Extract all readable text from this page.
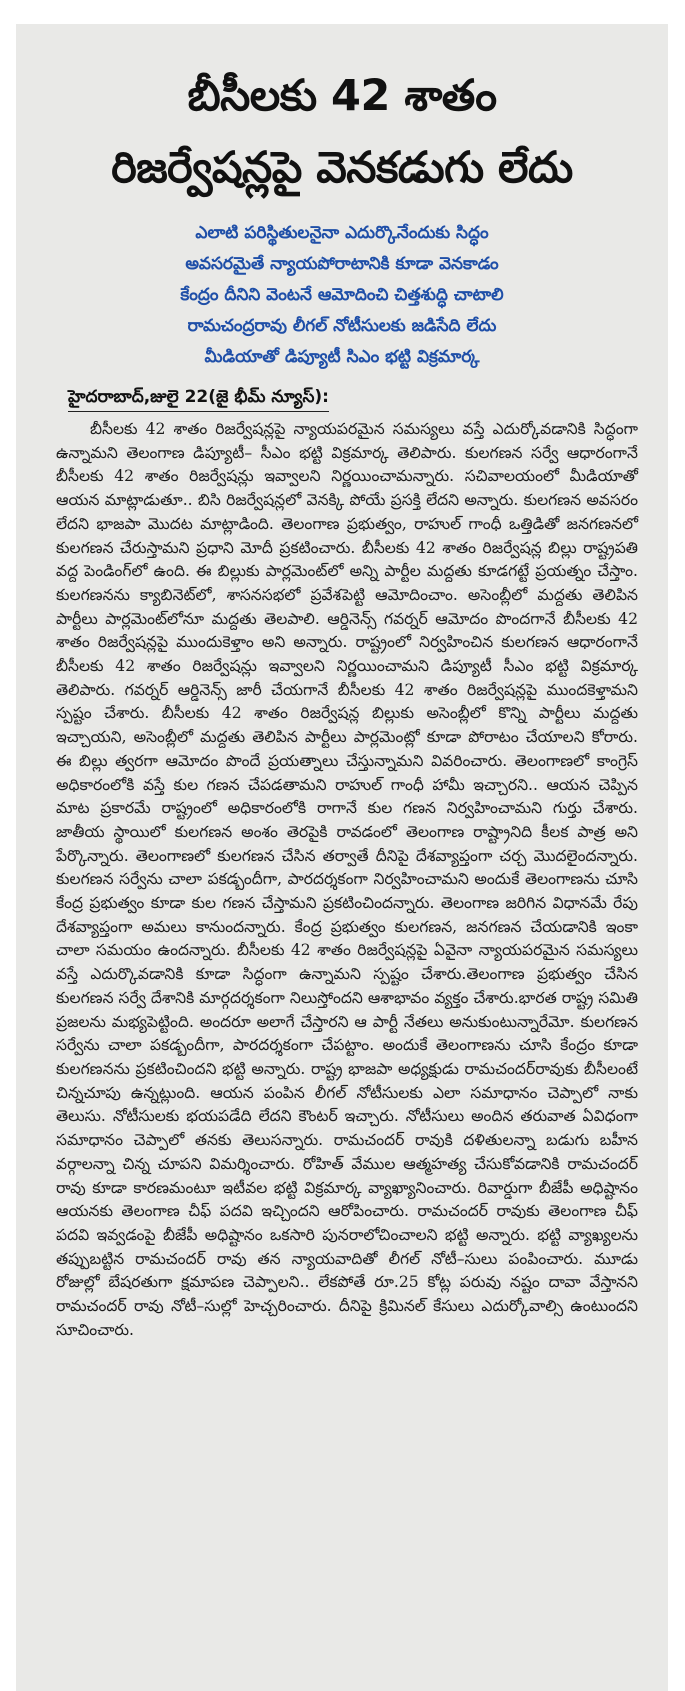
బీసీలకు 42 శాతం
రిజర్వేషన్లపై వెనకడుగు లేదు
ఎలాటి పరిస్థితులనైనా ఎదుర్కొనేందుకు సిద్ధం
అవసరమైతే న్యాయపోరాటానికి కూడా వెనకాడం
కేంద్రం దీనిని వెంటనే ఆమోదించి చిత్తశుద్ధి చాటాలి
రామచంద్రరావు లీగల్ నోటీసులకు జడిసేది లేదు
మీడియాతో డిప్యూటీ సిఎం భట్టి విక్రమార్క
హైదరాబాద్,జులై 22(జై భీమ్ న్యూస్):

బీసీలకు 42 శాతం రిజర్వేషన్లపై న్యాయపరమైన సమస్యలు వస్తే ఎదుర్కోవడానికి సిద్ధంగా ఉన్నామని తెలంగాణ డిప్యూటీ– సీఎం భట్టి విక్రమార్క తెలిపారు. కులగణన సర్వే ఆధారంగానే బీసీలకు 42 శాతం రిజర్వేషన్లు ఇవ్వాలని నిర్ణయించామన్నారు. సచివాలయంలో మీడియాతో ఆయన మాట్లాడుతూ.. బిసి రిజర్వేషన్లలో వెనక్కి పోయే ప్రసక్తి లేదని అన్నారు. కులగణన అవసరం లేదని భాజపా మొదట మాట్లాడింది. తెలంగాణ ప్రభుత్వం, రాహుల్ గాంధీ ఒత్తిడితో జనగణనలో కులగణన చేరుస్తామని ప్రధాని మోదీ ప్రకటించారు. బీసీలకు 42 శాతం రిజర్వేషన్ల బిల్లు రాష్ట్రపతి వద్ద పెండింగ్‌లో ఉంది. ఈ బిల్లుకు పార్లమెంట్‌లో అన్ని పార్టీల మద్దతు కూడగట్టే ప్రయత్నం చేస్తాం. కులగణనను క్యాబినెట్‌లో, శాసనసభలో ప్రవేశపెట్టి ఆమోదించాం. అసెంబ్లీలో మద్దతు తెలిపిన పార్టీలు పార్లమెంట్‌లోనూ మద్దతు తెలపాలి. ఆర్డినెన్స్ గవర్నర్ ఆమోదం పొందగానే బీసీలకు 42 శాతం రిజర్వేషన్లపై ముందుకెళ్తాం అని అన్నారు. రాష్ట్రంలో నిర్వహించిన కులగణన ఆధారంగానే బీసీలకు 42 శాతం రిజర్వేషన్లు ఇవ్వాలని నిర్ణయించామని డిప్యూటీ సీఎం భట్టి విక్రమార్క తెలిపారు. గవర్నర్ ఆర్డినెన్స్ జారీ చేయగానే బీసీలకు 42 శాతం రిజర్వేషన్లపై ముందకెళ్తామని స్పష్టం చేశారు. బీసీలకు 42 శాతం రిజర్వేషన్ల బిల్లుకు అసెంబ్లీలో కొన్ని పార్టీలు మద్దతు ఇచ్చాయని, అసెంబ్లీలో మద్దతు తెలిపిన పార్టీలు పార్లమెంట్లో కూడా పోరాటం చేయాలని కోరారు. ఈ బిల్లు త్వరగా ఆమోదం పొందే ప్రయత్నాలు చేస్తున్నామని వివరించారు. తెలంగాణలో కాంగ్రెస్ అధికారంలోకి వస్తే కుల గణన చేపడతామని రాహుల్ గాంధీ హామీ ఇచ్చారని.. ఆయన చెప్పిన మాట ప్రకారమే రాష్ట్రంలో అధికారంలోకి రాగానే కుల గణన నిర్వహించామని గుర్తు చేశారు. జాతీయ స్థాయిలో కులగణన అంశం తెరపైకి రావడంలో తెలంగాణ రాష్ట్రానిది కీలక పాత్ర అని పేర్కొన్నారు. తెలంగాణలో కులగణన చేసిన తర్వాతే దీనిపై దేశవ్యాప్తంగా చర్చ మొదలైందన్నారు. కులగణన సర్వేను చాలా పకడ్బందీగా, పారదర్శకంగా నిర్వహించామని అందుకే తెలంగాణను చూసి కేంద్ర ప్రభుత్వం కూడా కుల గణన చేస్తామని ప్రకటించిందన్నారు. తెలంగాణ జరిగిన విధానమే రేపు దేశవ్యాప్తంగా అమలు కానుందన్నారు. కేంద్ర ప్రభుత్వం కులగణన, జనగణన చేయడానికి ఇంకా చాలా సమయం ఉందన్నారు. బీసీలకు 42 శాతం రిజర్వేషన్లపై ఏవైనా న్యాయపరమైన సమస్యలు వస్తే ఎదుర్కొవడానికి కూడా సిద్ధంగా ఉన్నామని స్పష్టం చేశారు.తెలంగాణ ప్రభుత్వం చేసిన కులగణన సర్వే దేశానికి మార్గదర్శకంగా నిలుస్తోందని ఆశాభావం వ్యక్తం చేశారు.భారత రాష్ట్ర సమితి ప్రజలను మభ్యపెట్టింది. అందరూ అలాగే చేస్తారని ఆ పార్టీ నేతలు అనుకుంటున్నారేమో. కులగణన సర్వేను చాలా పకడ్బందీగా, పారదర్శకంగా చేపట్టాం. అందుకే తెలంగాణను చూసి కేంద్రం కూడా కులగణనను ప్రకటించిందని భట్టి అన్నారు. రాష్ట్ర భాజపా అధ్యక్షుడు రామచందర్‌రావుకు బీసీలంటే చిన్నచూపు ఉన్నట్లుంది. ఆయన పంపిన లీగల్ నోటీసులకు ఎలా సమాధానం చెప్పాలో నాకు తెలుసు. నోటీసులకు భయపడేది లేదని కౌంటర్ ఇచ్చారు. నోటీసులు అందిన తరువాత ఏవిధంగా సమాధానం చెప్పాలో తనకు తెలుసన్నారు. రామచందర్ రావుకి దళితులన్నా బడుగు బహీన వర్గాలన్నా చిన్న చూపని విమర్శించారు. రోహిత్ వేముల ఆత్మహత్య చేసుకోవడానికి రామచందర్ రావు కూడా కారణమంటూ ఇటీవల భట్టి విక్రమార్క వ్యాఖ్యానించారు. రివార్డుగా బీజేపీ అధిష్టానం ఆయనకు తెలంగాణ చీఫ్ పదవి ఇచ్చిందని ఆరోపించారు. రామచందర్ రావుకు తెలంగాణ చీఫ్ పదవి ఇవ్వడంపై బీజేపీ అధిష్టానం ఒకసారి పునరాలోచించాలని భట్టి అన్నారు. భట్టి వ్యాఖ్యలను తప్పుబట్టిన రామచందర్ రావు తన న్యాయవాదితో లీగల్ నోటీ–సులు పంపించారు. మూడు రోజుల్లో బేషరతుగా క్షమాపణ చెప్పాలని.. లేకపోతే రూ.25 కోట్ల పరువు నష్టం దావా వేస్తానని రామచందర్ రావు నోటీ–సుల్లో హెచ్చరించారు. దీనిపై క్రిమినల్ కేసులు ఎదుర్కోవాల్సి ఉంటుందని సూచించారు.
